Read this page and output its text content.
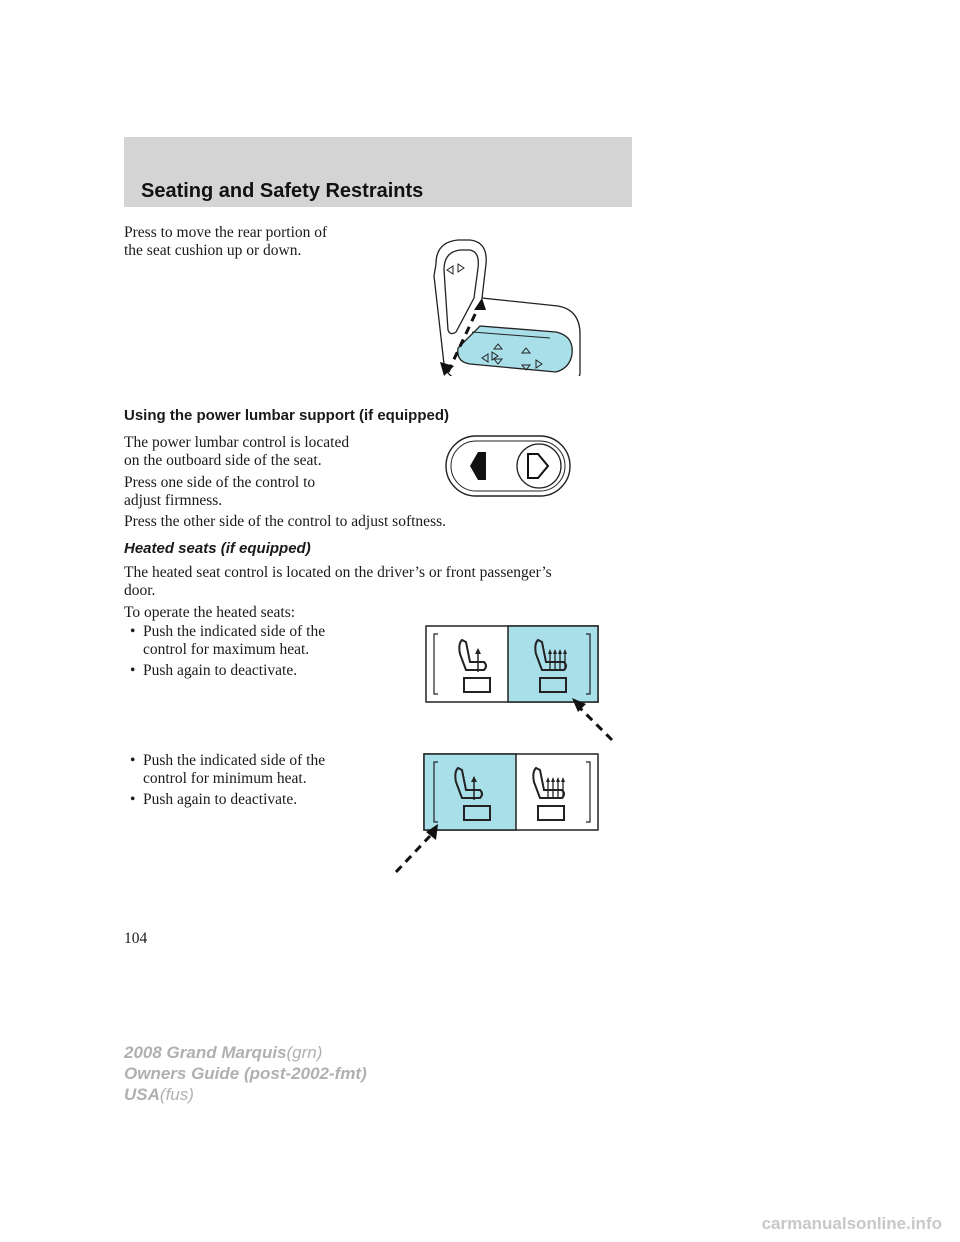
Seating and Safety Restraints

Press to move the rear portion of

the seat cushion up or down.

Using the power lumbar support (if equipped)

The power lumbar control is located

on the outboard side of the seat.

Press one side of the control to

adjust firmness.

Press the other side of the control to adjust softness.

Heated seats (if equipped)

The heated seat control is located on the driver’s or front passenger’s

door.

To operate the heated seats:

• Push the indicated side of the

control for maximum heat.

• Push again to deactivate.

• Push the indicated side of the

control for minimum heat.

• Push again to deactivate.

104

2008 Grand Marquis(grn)
Owners Guide (post-2002-fmt)
USA(fus)

carmanualsonline.info
